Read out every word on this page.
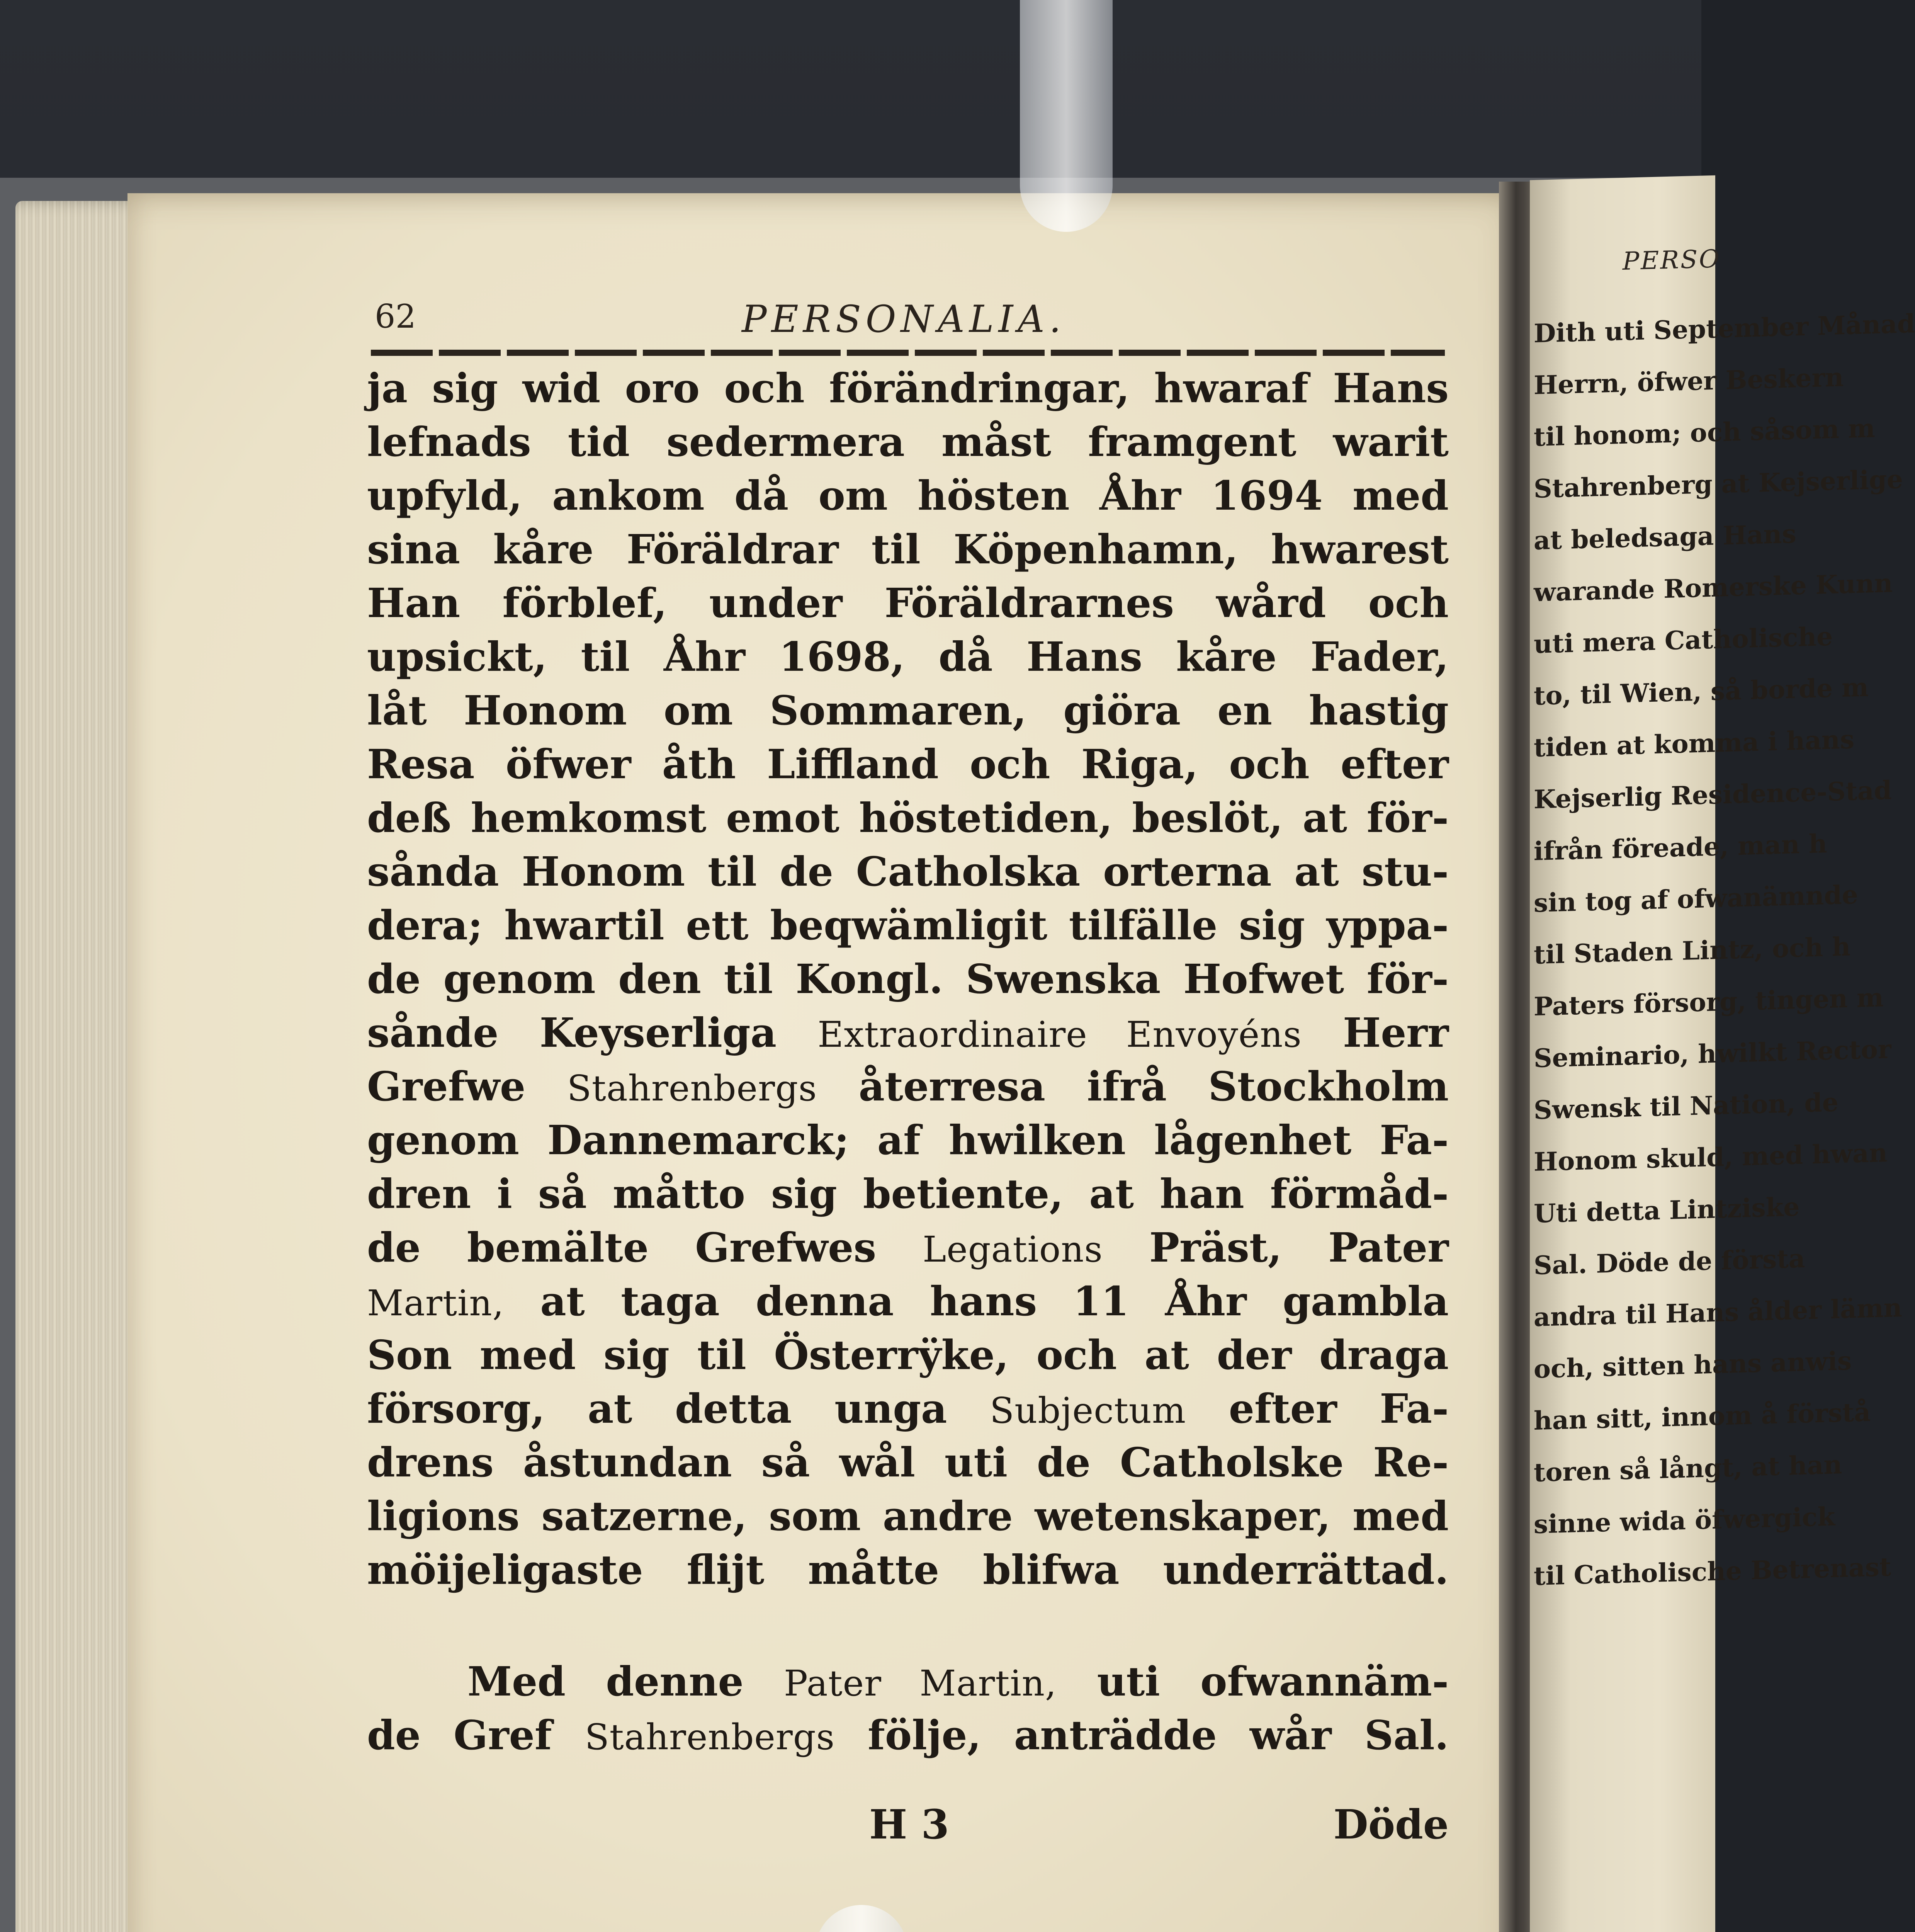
62	PERSONALIA.
ja sig wid oro och förändringar, hwaraf Hans
lefnads tid sedermera måst framgent warit
upfyld, ankom då om hösten Åhr 1694 med
sina kåre Föräldrar til Köpenhamn, hwarest
Han förblef, under Föräldrarnes wård och
upsickt, til Åhr 1698, då Hans kåre Fader,
låt Honom om Sommaren, giöra en hastig
Resa öfwer åth Liffland och Riga, och efter
deß hemkomst emot höstetiden, beslöt, at för-
sånda Honom til de Catholska orterna at stu-
dera; hwartil ett beqwämligit tilfälle sig yppa-
de genom den til Kongl. Swenska Hofwet för-
sånde Keyserliga Extraordinaire Envoyéns Herr
Grefwe Stahrenbergs återresa ifrå Stockholm
genom Dannemarck; af hwilken lågenhet Fa-
dren i så måtto sig betiente, at han förmåd-
de bemälte Grefwes Legations Präst, Pater
Martin, at taga denna hans 11 Åhr gambla
Son med sig til Österrÿke, och at der draga
försorg, at detta unga Subjectum efter Fa-
drens åstundan så wål uti de Catholske Re-
ligions satzerne, som andre wetenskaper, med
möijeligaste flijt måtte blifwa underrättad.
Med denne Pater Martin, uti ofwannäm-
de Gref Stahrenbergs följe, anträdde wår Sal.
H 3	Döde
PERSO
Dith uti September Månad
Herrn, öfwer Beskern
til honom; och såsom m
Stahrenberg at Kejserlige
at beledsaga Hans
warande Romerske Kunn
uti mera Catholische
to, til Wien, så borde m
tiden at komma i hans
Kejserlig Residence-Stad
ifrån föreade, man h
sin tog af ofwanämnde
til Staden Lintz, och h
Paters försorg, tingen m
Seminario, hwilkt Rector
Swensk til Nation, de
Honom skuld, med hwan
Uti detta Lintziske
Sal. Döde de första
andra til Hans ålder lämn
och, sitten hans anwis
han sitt, innom å förstå
toren så långt, at han
sinne wida öfwergick
til Catholische Betrenast
